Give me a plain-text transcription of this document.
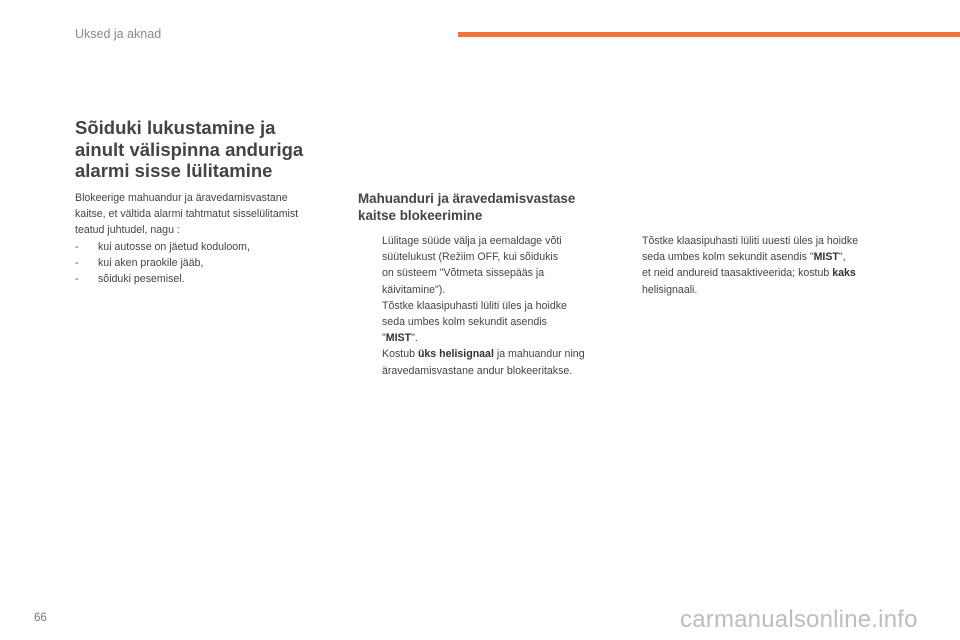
Uksed ja aknad
Sõiduki lukustamine ja
ainult välispinna anduriga
alarmi sisse lülitamine
Blokeerige mahuandur ja äravedamisvastane
kaitse, et vältida alarmi tahtmatut sisselülitamist
teatud juhtudel, nagu :
- kui autosse on jäetud koduloom,
- kui aken praokile jääb,
- sõiduki pesemisel.
Mahuanduri ja äravedamisvastase
kaitse blokeerimine
Lülitage süüde välja ja eemaldage võti
süütelukust (Režiim OFF, kui sõidukis
on süsteem "Võtmeta sissepääs ja
käivitamine").
Tõstke klaasipuhasti lüliti üles ja hoidke
seda umbes kolm sekundit asendis
"MIST".
Kostub üks helisignaal ja mahuandur ning
äravedamisvastane andur blokeeritakse.
Tõstke klaasipuhasti lüliti uuesti üles ja hoidke
seda umbes kolm sekundit asendis "MIST",
et neid andureid taasaktiveerida; kostub kaks
helisignaali.
66	carmanualsonline.info
